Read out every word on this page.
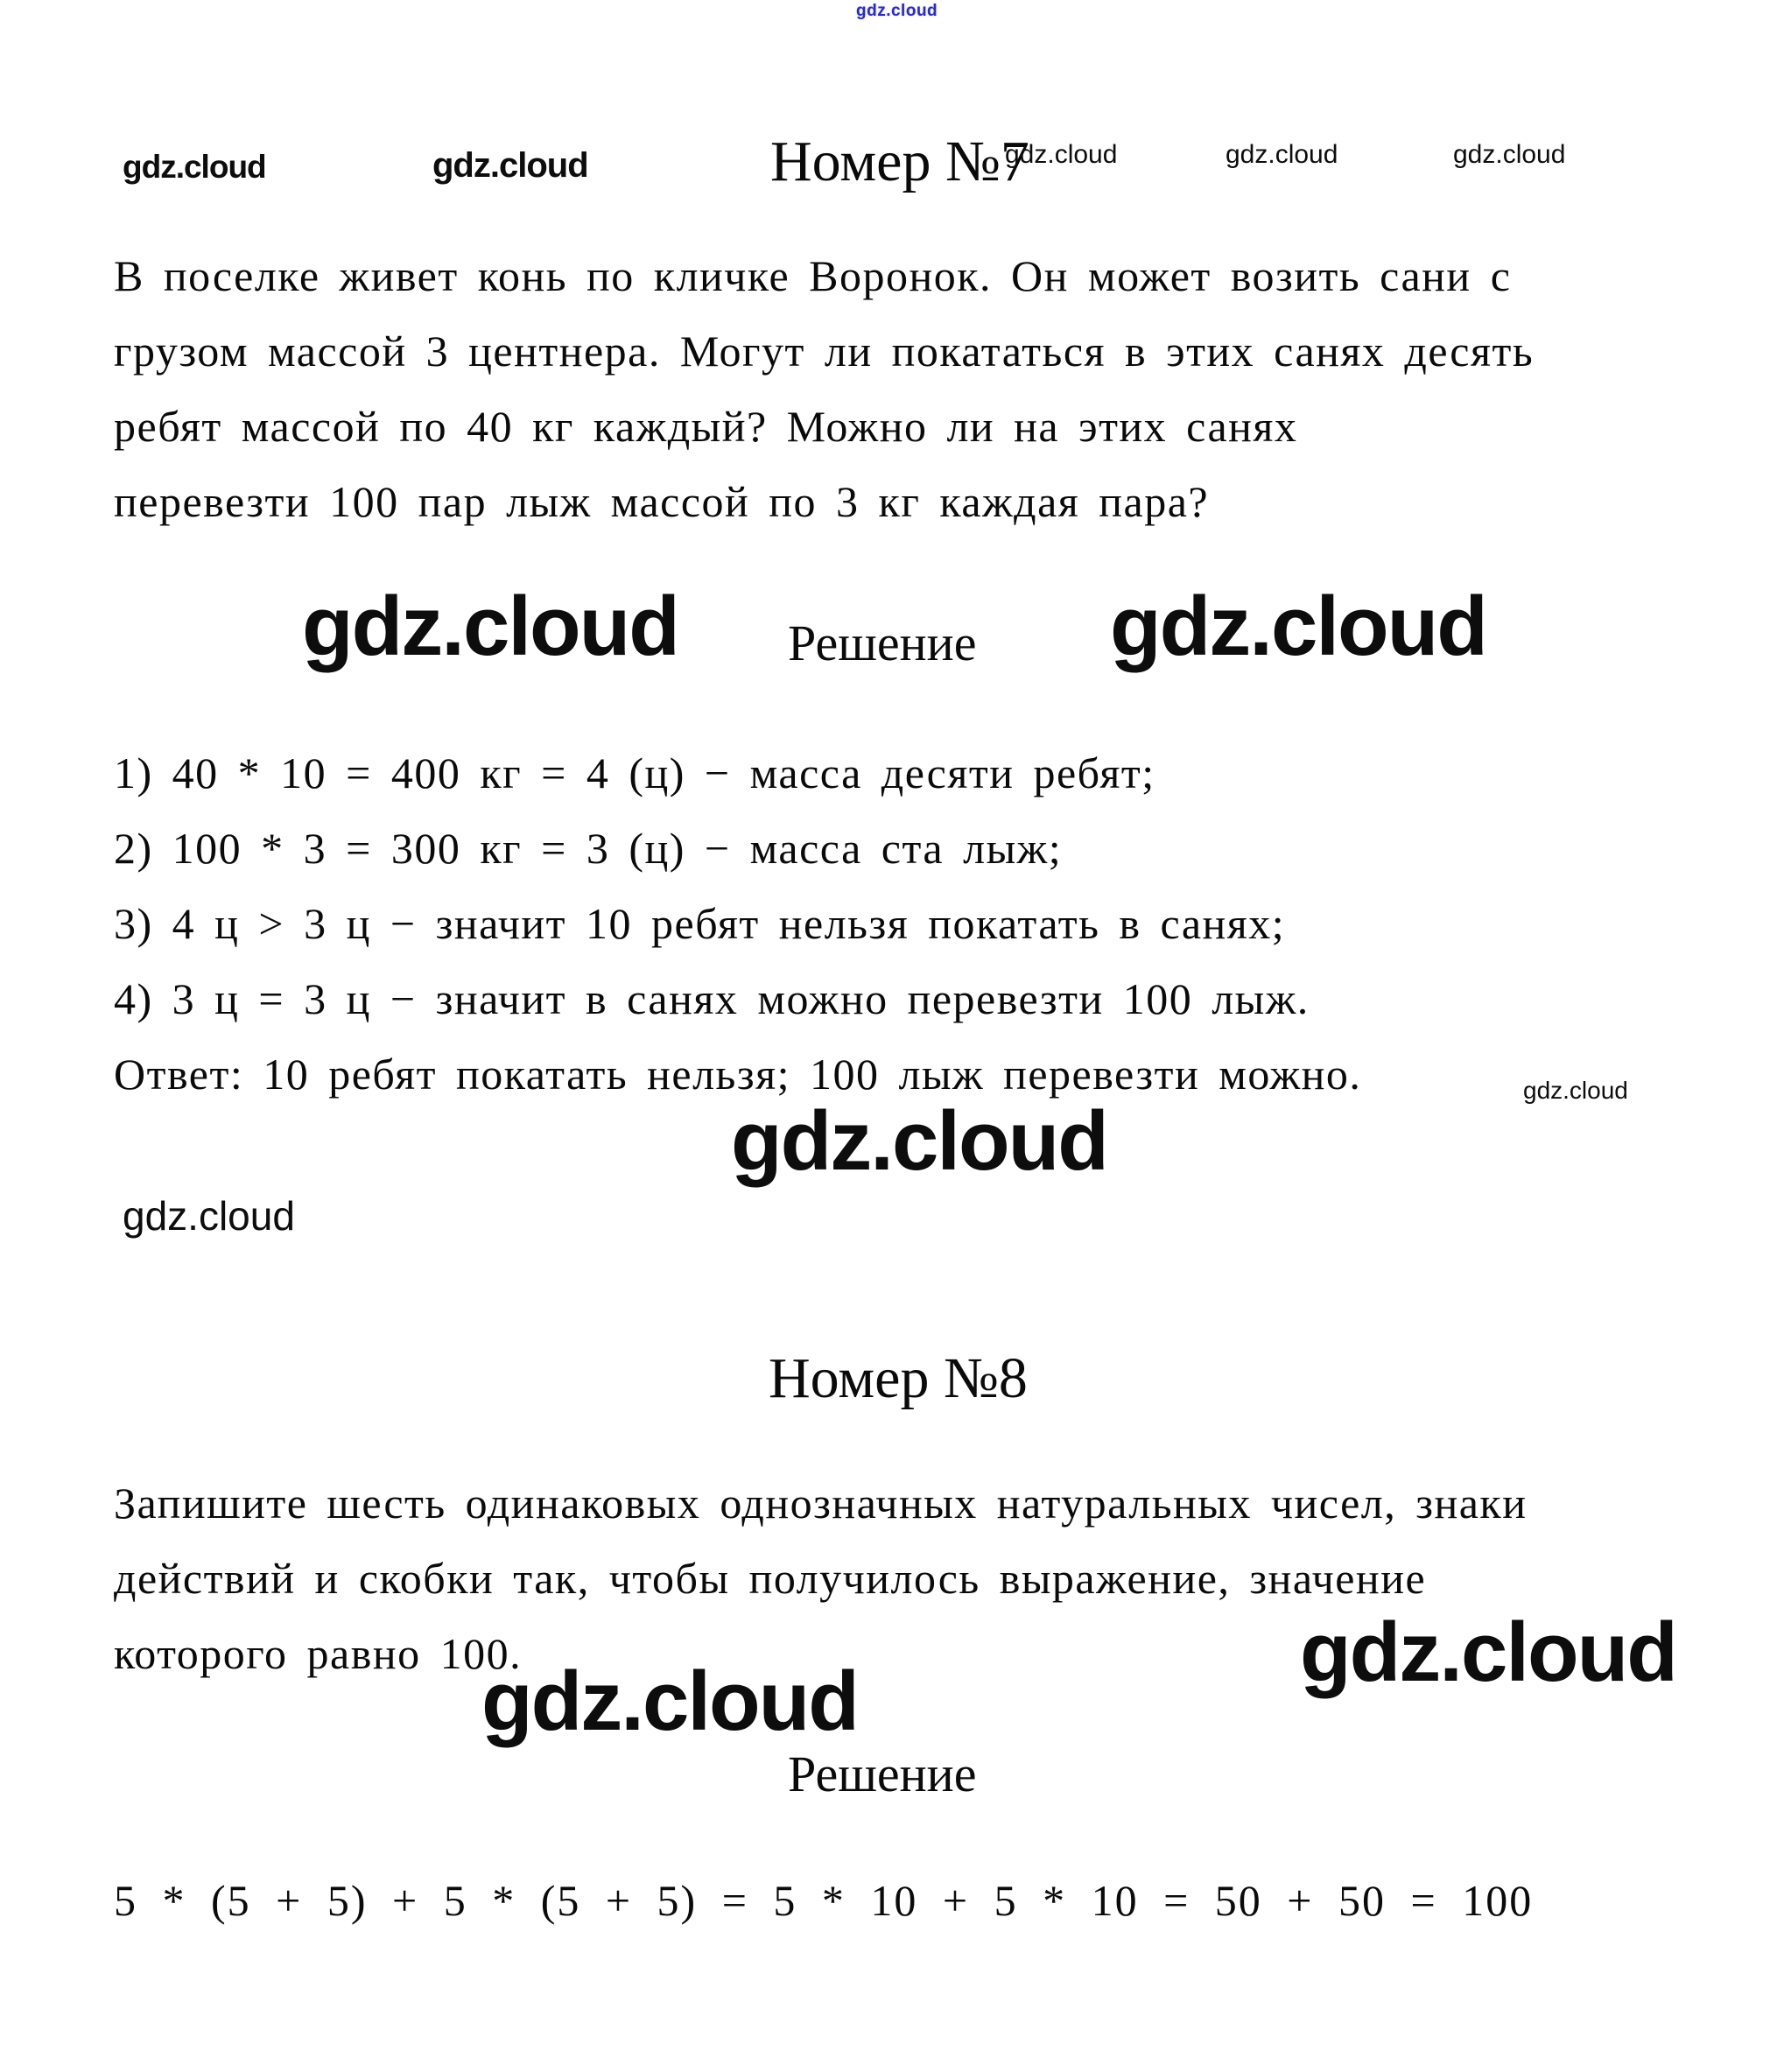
gdz.cloud
gdz.cloud	gdz.cloud	Номер №7
gdz.cloud	gdz.cloud	gdz.cloud
В поселке живет конь по кличке Воронок. Он может возить сани с
грузом массой 3 центнера. Могут ли покататься в этих санях десять
ребят массой по 40 кг каждый? Можно ли на этих санях
перевезти 100 пар лыж массой по 3 кг каждая пара?
gdz.cloud Решение gdz.cloud
1) 40 * 10 = 400 кг = 4 (ц) − масса десяти ребят;
2) 100 * 3 = 300 кг = 3 (ц) − масса ста лыж;
3) 4 ц > 3 ц − значит 10 ребят нельзя покатать в санях;
4) 3 ц = 3 ц − значит в санях можно перевезти 100 лыж.
Ответ: 10 ребят покатать нельзя; 100 лыж перевезти можно.	gdz.cloud
gdz.cloud
gdz.cloud
Номер №8
Запишите шесть одинаковых однозначных натуральных чисел, знаки
действий и скобки так, чтобы получилось выражение, значение
которого равно 100.	gdz.cloud
gdz.cloud
Решение
5 * (5 + 5) + 5 * (5 + 5) = 5 * 10 + 5 * 10 = 50 + 50 = 100
